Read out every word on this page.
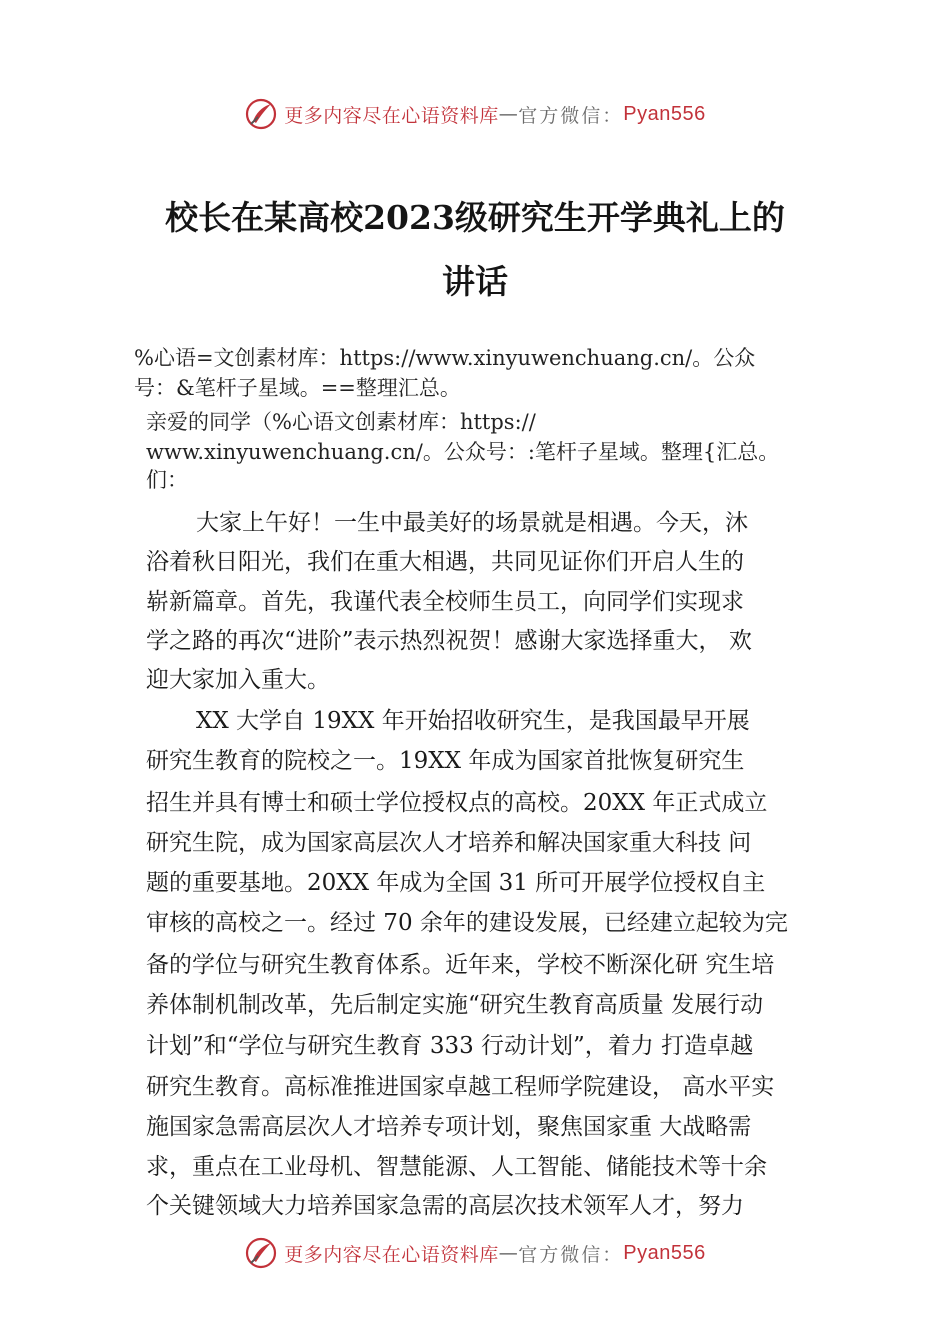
更多内容尽在心语资料库 — 官方微信： Pyan556
校长在某高校2023级研究生开学典礼上的
讲话
%心语=文创素材库：https://www.xinyuwenchuang.cn/。公众
号：&笔杆子星域。==整理汇总。
亲爱的同学（%心语文创素材库：https://
www.xinyuwenchuang.cn/。公众号：:笔杆子星域。整理{汇总。
们：
大家上午好！一生中最美好的场景就是相遇。今天，沐
浴着秋日阳光，我们在重大相遇，共同见证你们开启人生的
崭新篇章。首先，我谨代表全校师生员工，向同学们实现求
学之路的再次“进阶”表示热烈祝贺！感谢大家选择重大， 欢
迎大家加入重大。
XX 大学自 19XX 年开始招收研究生，是我国最早开展
研究生教育的院校之一。19XX 年成为国家首批恢复研究生
招生并具有博士和硕士学位授权点的高校。20XX 年正式成立
研究生院，成为国家高层次人才培养和解决国家重大科技 问
题的重要基地。20XX 年成为全国 31 所可开展学位授权自主
审核的高校之一。经过 70 余年的建设发展，已经建立起较为完
备的学位与研究生教育体系。近年来，学校不断深化研 究生培
养体制机制改革，先后制定实施“研究生教育高质量 发展行动
计划”和“学位与研究生教育 333 行动计划”，着力 打造卓越
研究生教育。高标准推进国家卓越工程师学院建设， 高水平实
施国家急需高层次人才培养专项计划，聚焦国家重 大战略需
求，重点在工业母机、智慧能源、人工智能、储能技术等十余
个关键领域大力培养国家急需的高层次技术领军人才，努力
更多内容尽在心语资料库 — 官方微信： Pyan556
